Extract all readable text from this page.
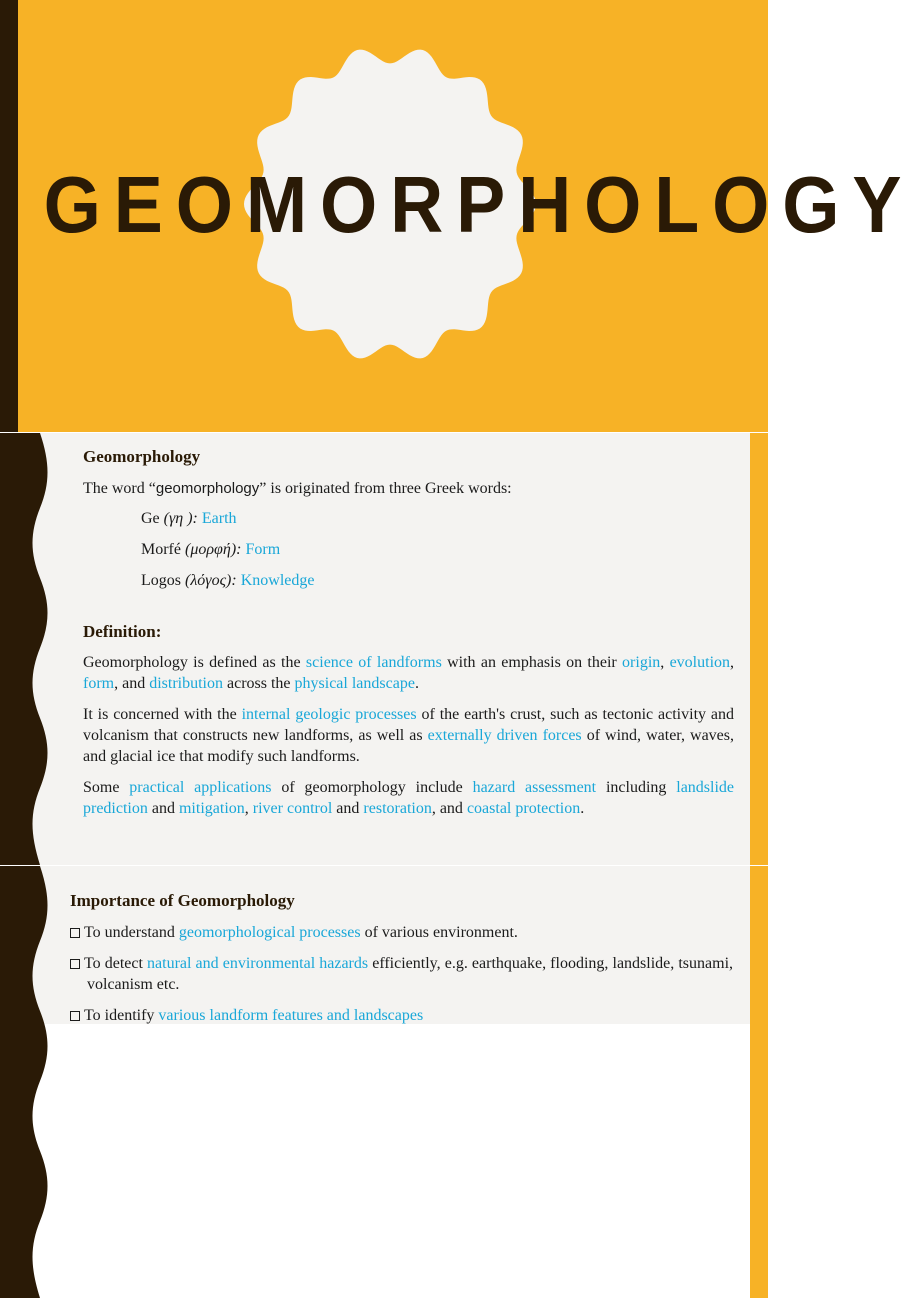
GEOMORPHOLOGY
Geomorphology
The word “geomorphology” is originated from three Greek words:
Ge (γη ): Earth
Morfé (μορφή): Form
Logos (λόγος): Knowledge
Definition:
Geomorphology is defined as the science of landforms with an emphasis on their origin, evolution, form, and distribution across the physical landscape.
It is concerned with the internal geologic processes of the earth's crust, such as tectonic activity and volcanism that constructs new landforms, as well as externally driven forces of wind, water, waves, and glacial ice that modify such landforms.
Some practical applications of geomorphology include hazard assessment including landslide prediction and mitigation, river control and restoration, and coastal protection.
Importance of Geomorphology
To understand geomorphological processes of various environment.
To detect natural and environmental hazards efficiently, e.g. earthquake, flooding, landslide, tsunami, volcanism etc.
To identify various landform features and landscapes
